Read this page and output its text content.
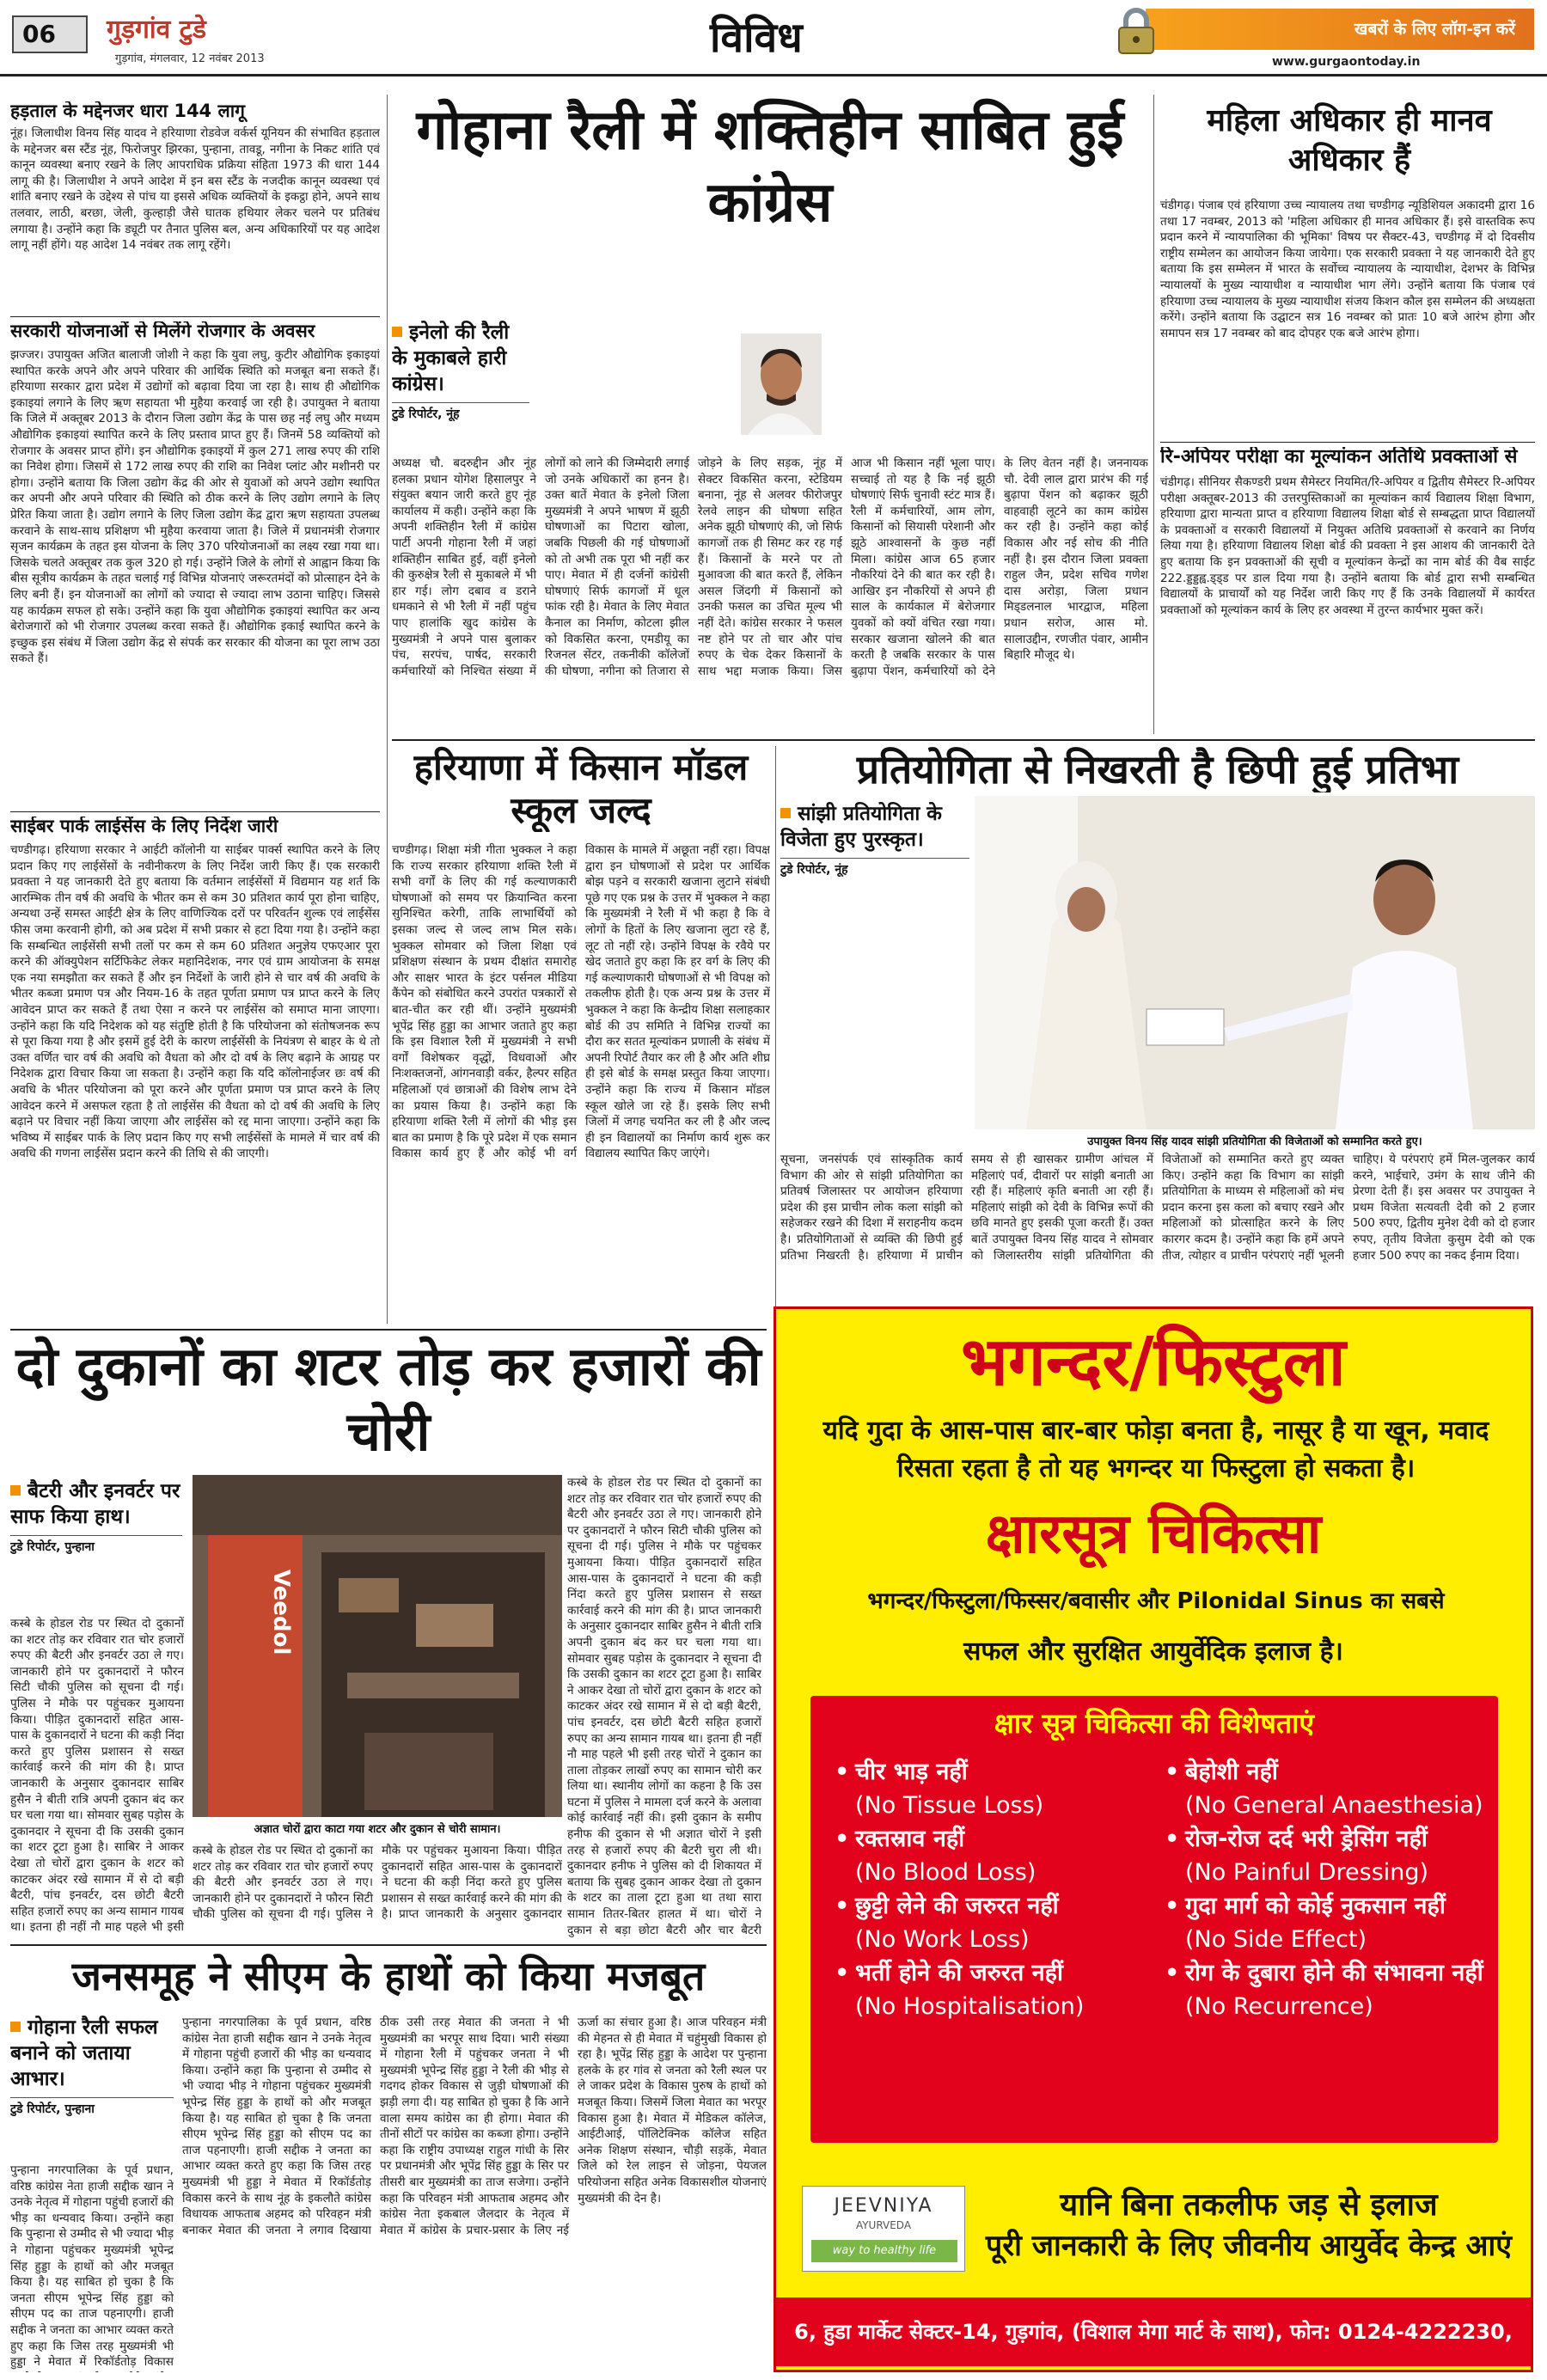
06	गुड़गांव टुडे
गुड़गांव, मंगलवार, 12 नवंबर 2013	विविध	खबरों के लिए लॉग-इन करें
www.gurgaontoday.in
हड़ताल के मद्देनजर धारा 144 लागू
नूंह। जिलाधीश विनय सिंह यादव ने हरियाणा रोडवेज वर्कर्स यूनियन की संभावित हड़ताल के मद्देनजर बस स्टैंड नूंह, फिरोजपुर झिरका, पुन्हाना, तावडू, नगीना के निकट शांति एवं कानून व्यवस्था बनाए रखने के लिए आपराधिक प्रक्रिया संहिता 1973 की धारा 144 लागू की है। जिलाधीश ने अपने आदेश में इन बस स्टैंड के नजदीक कानून व्यवस्था एवं शांति बनाए रखने के उद्देश्य से पांच या इससे अधिक व्यक्तियों के इकट्ठा होने, अपने साथ तलवार, लाठी, बरछा, जेली, कुल्हाड़ी जैसे घातक हथियार लेकर चलने पर प्रतिबंध लगाया है। उन्होंने कहा कि ड्यूटी पर तैनात पुलिस बल, अन्य अधिकारियों पर यह आदेश लागू नहीं होंगे। यह आदेश 14 नवंबर तक लागू रहेंगे।
सरकारी योजनाओं से मिलेंगे रोजगार के अवसर
झज्जर। उपायुक्त अजित बालाजी जोशी ने कहा कि युवा लघु, कुटीर औद्योगिक इकाइयां स्थापित करके अपने और अपने परिवार की आर्थिक स्थिति को मजबूत बना सकते हैं। हरियाणा सरकार द्वारा प्रदेश में उद्योगों को बढ़ावा दिया जा रहा है। साथ ही औद्योगिक इकाइयां लगाने के लिए ऋण सहायता भी मुहैया करवाई जा रही है। उपायुक्त ने बताया कि जिले में अक्तूबर 2013 के दौरान जिला उद्योग केंद्र के पास छह नई लघु और मध्यम औद्योगिक इकाइयां स्थापित करने के लिए प्रस्ताव प्राप्त हुए हैं। जिनमें 58 व्यक्तियों को रोजगार के अवसर प्राप्त होंगे। इन औद्योगिक इकाइयों में कुल 271 लाख रुपए की राशि का निवेश होगा। जिसमें से 172 लाख रुपए की राशि का निवेश प्लांट और मशीनरी पर होगा। उन्होंने बताया कि जिला उद्योग केंद्र की ओर से युवाओं को अपने उद्योग स्थापित कर अपनी और अपने परिवार की स्थिति को ठीक करने के लिए उद्योग लगाने के लिए प्रेरित किया जाता है। उद्योग लगाने के लिए जिला उद्योग केंद्र द्वारा ऋण सहायता उपलब्ध करवाने के साथ-साथ प्रशिक्षण भी मुहैया करवाया जाता है। जिले में प्रधानमंत्री रोजगार सृजन कार्यक्रम के तहत इस योजना के लिए 370 परियोजनाओं का लक्ष्य रखा गया था। जिसके चलते अक्तूबर तक कुल 320 हो गई। उन्होंने जिले के लोगों से आह्वान किया कि बीस सूत्रीय कार्यक्रम के तहत चलाई गई विभिन्न योजनाएं जरूरतमंदों को प्रोत्साहन देने के लिए बनी हैं। इन योजनाओं का लोगों को ज्यादा से ज्यादा लाभ उठाना चाहिए। जिससे यह कार्यक्रम सफल हो सके। उन्होंने कहा कि युवा औद्योगिक इकाइयां स्थापित कर अन्य बेरोजगारों को भी रोजगार उपलब्ध करवा सकते हैं। औद्योगिक इकाई स्थापित करने के इच्छुक इस संबंध में जिला उद्योग केंद्र से संपर्क कर सरकार की योजना का पूरा लाभ उठा सकते हैं।
साईबर पार्क लाईसेंस के लिए निर्देश जारी
चण्डीगढ़। हरियाणा सरकार ने आईटी कॉलोनी या साईबर पार्क्स स्थापित करने के लिए प्रदान किए गए लाईसेंसों के नवीनीकरण के लिए निर्देश जारी किए हैं। एक सरकारी प्रवक्ता ने यह जानकारी देते हुए बताया कि वर्तमान लाईसेंसों में विद्यमान यह शर्त कि आरम्भिक तीन वर्ष की अवधि के भीतर कम से कम 30 प्रतिशत कार्य पूरा होना चाहिए, अन्यथा उन्हें समस्त आईटी क्षेत्र के लिए वाणिज्यिक दरों पर परिवर्तन शुल्क एवं लाईसेंस फीस जमा करवानी होगी, को अब प्रदेश में सभी प्रकार से हटा दिया गया है। उन्होंने कहा कि सम्बन्धित लाईसेंसी सभी तलों पर कम से कम 60 प्रतिशत अनुज्ञेय एफएआर पूरा करने की ऑक्युपेशन सर्टिफिकेट लेकर महानिदेशक, नगर एवं ग्राम आयोजना के समक्ष एक नया समझौता कर सकते हैं और इन निर्देशों के जारी होने से चार वर्ष की अवधि के भीतर कब्जा प्रमाण पत्र और नियम-16 के तहत पूर्णता प्रमाण पत्र प्राप्त करने के लिए आवेदन प्राप्त कर सकते हैं तथा ऐसा न करने पर लाईसेंस को समाप्त माना जाएगा। उन्होंने कहा कि यदि निदेशक को यह संतुष्टि होती है कि परियोजना को संतोषजनक रूप से पूरा किया गया है और इसमें हुई देरी के कारण लाईसेंसी के नियंत्रण से बाहर के थे तो उक्त वर्णित चार वर्ष की अवधि को वैधता को और दो वर्ष के लिए बढ़ाने के आग्रह पर निदेशक द्वारा विचार किया जा सकता है। उन्होंने कहा कि यदि कॉलोनाईजर छः वर्ष की अवधि के भीतर परियोजना को पूरा करने और पूर्णता प्रमाण पत्र प्राप्त करने के लिए आवेदन करने में असफल रहता है तो लाईसेंस की वैधता को दो वर्ष की अवधि के लिए बढ़ाने पर विचार नहीं किया जाएगा और लाईसेंस को रद्द माना जाएगा। उन्होंने कहा कि भविष्य में साईबर पार्क के लिए प्रदान किए गए सभी लाईसेंसों के मामले में चार वर्ष की अवधि की गणना लाईसेंस प्रदान करने की तिथि से की जाएगी।
गोहाना रैली में शक्तिहीन साबित हुई कांग्रेस
इनेलो की रैली के मुकाबले हारी कांग्रेस।
टुडे रिपोर्टर, नूंह
अध्यक्ष चौ. बदरुद्दीन और नूंह हलका प्रधान योगेश हिसालपुर ने संयुक्त बयान जारी करते हुए नूंह कार्यालय में कही। उन्होंने कहा कि अपनी शक्तिहीन रैली में कांग्रेस पार्टी अपनी गोहाना रैली में जहां शक्तिहीन साबित हुई, वहीं इनेलो की कुरुक्षेत्र रैली से मुकाबले में भी हार गई। लोग दबाव व डराने धमकाने से भी रैली में नहीं पहुंच पाए हालांकि खुद कांग्रेस के मुख्यमंत्री ने अपने पास बुलाकर पंच, सरपंच, पार्षद, सरकारी कर्मचारियों को निश्चित संख्या में लोगों को लाने की जिम्मेदारी लगाई जो उनके अधिकारों का हनन है। उक्त बातें मेवात के इनेलो जिला मुख्यमंत्री ने अपने भाषण में झूठी घोषणाओं का पिटारा खोला, जबकि पिछली की गई घोषणाओं को तो अभी तक पूरा भी नहीं कर पाए। मेवात में ही दर्जनों कांग्रेसी घोषणाएं सिर्फ कागजों में धूल फांक रही है। मेवात के लिए मेवात कैनाल का निर्माण, कोटला झील को विकसित करना, एमडीयू का रिजनल सेंटर, तकनीकी कॉलेजों की घोषणा, नगीना को तिजारा से जोड़ने के लिए सड़क, नूंह में सेक्टर विकसित करना, स्टेडियम बनाना, नूंह से अलवर फीरोजपुर रेलवे लाइन की घोषणा सहित अनेक झूठी घोषणाएं की, जो सिर्फ कागजों तक ही सिमट कर रह गई हैं। किसानों के मरने पर तो मुआवजा की बात करते हैं, लेकिन असल जिंदगी में किसानों को उनकी फसल का उचित मूल्य भी नहीं देते। कांग्रेस सरकार ने फसल नष्ट होने पर तो चार और पांच रुपए के चेक देकर किसानों के साथ भद्दा मजाक किया। जिस आज भी किसान नहीं भूला पाए। सच्चाई तो यह है कि नई झूठी घोषणाएं सिर्फ चुनावी स्टंट मात्र हैं। रैली में कर्मचारियों, आम लोग, किसानों को सियासी परेशानी और झूठे आश्वासनों के कुछ नहीं मिला। कांग्रेस आज 65 हजार नौकरियां देने की बात कर रही है। आखिर इन नौकरियों से अपने ही साल के कार्यकाल में बेरोजगार युवकों को क्यों वंचित रखा गया। सरकार खजाना खोलने की बात करती है जबकि सरकार के पास बुढ़ापा पेंशन, कर्मचारियों को देने के लिए वेतन नहीं है। जननायक चौ. देवी लाल द्वारा प्रारंभ की गई बुढ़ापा पेंशन को बढ़ाकर झूठी वाहवाही लूटने का काम कांग्रेस कर रही है। उन्होंने कहा कोई विकास और नई सोच की नीति नहीं है। इस दौरान जिला प्रवक्ता राहुल जैन, प्रदेश सचिव गणेश दास अरोड़ा, जिला प्रधान मिड्‌डलनाल भारद्वाज, महिला प्रधान सरोज, आस मो. सालाउद्दीन, रणजीत पंवार, आमीन बिहारि मौजूद थे।
महिला अधिकार ही मानव अधिकार हैं
चंडीगढ़। पंजाब एवं हरियाणा उच्च न्यायालय तथा चण्डीगढ़ न्यूडिशियल अकादमी द्वारा 16 तथा 17 नवम्बर, 2013 को 'महिला अधिकार ही मानव अधिकार हैं। इसे वास्तविक रूप प्रदान करने में न्यायपालिका की भूमिका' विषय पर सैक्टर-43, चण्डीगढ़ में दो दिवसीय राष्ट्रीय सम्मेलन का आयोजन किया जायेगा। एक सरकारी प्रवक्ता ने यह जानकारी देते हुए बताया कि इस सम्मेलन में भारत के सर्वोच्च न्यायालय के न्यायाधीश, देशभर के विभिन्न न्यायालयों के मुख्य न्यायाधीश व न्यायाधीश भाग लेंगे। उन्होंने बताया कि पंजाब एवं हरियाणा उच्च न्यायालय के मुख्य न्यायाधीश संजय किशन कौल इस सम्मेलन की अध्यक्षता करेंगे। उन्होंने बताया कि उद्घाटन सत्र 16 नवम्बर को प्रातः 10 बजे आरंभ होगा और समापन सत्र 17 नवम्बर को बाद दोपहर एक बजे आरंभ होगा।
रि-अपियर परीक्षा का मूल्यांकन अतिथि प्रवक्ताओं से
चंडीगढ़। सीनियर सैकण्डरी प्रथम सैमेस्टर नियमित/रि-अपियर व द्वितीय सैमेस्टर रि-अपियर परीक्षा अक्तूबर-2013 की उत्तरपुस्तिकाओं का मूल्यांकन कार्य विद्यालय शिक्षा विभाग, हरियाणा द्वारा मान्यता प्राप्त व हरियाणा विद्यालय शिक्षा बोर्ड से सम्बद्धता प्राप्त विद्यालयों के प्रवक्ताओं व सरकारी विद्यालयों में नियुक्त अतिथि प्रवक्ताओं से करवाने का निर्णय लिया गया है। हरियाणा विद्यालय शिक्षा बोर्ड की प्रवक्ता ने इस आशय की जानकारी देते हुए बताया कि इन प्रवक्ताओं की सूची व मूल्यांकन केन्द्रों का नाम बोर्ड की वैब साईट 222.ड्डड्डह्व.ड्ड्ड पर डाल दिया गया है। उन्होंने बताया कि बोर्ड द्वारा सभी सम्बन्धित विद्यालयों के प्राचार्यों को यह निर्देश जारी किए गए हैं कि उनके विद्यालयों में कार्यरत प्रवक्ताओं को मूल्यांकन कार्य के लिए हर अवस्था में तुरन्त कार्यभार मुक्त करें।
हरियाणा में किसान मॉडल स्कूल जल्द
चण्डीगढ़। शिक्षा मंत्री गीता भुक्कल ने कहा कि राज्य सरकार हरियाणा शक्ति रैली में सभी वर्गों के लिए की गई कल्याणकारी घोषणाओं को समय पर क्रियान्वित करना सुनिश्चित करेगी, ताकि लाभार्थियों को इसका जल्द से जल्द लाभ मिल सके। भुक्कल सोमवार को जिला शिक्षा एवं प्रशिक्षण संस्थान के प्रथम दीक्षांत समारोह और साक्षर भारत के इंटर पर्सनल मीडिया कैंपेन को संबोधित करने उपरांत पत्रकारों से बात-चीत कर रही थीं। उन्होंने मुख्यमंत्री भूपेंद्र सिंह हुड्डा का आभार जताते हुए कहा कि इस विशाल रैली में मुख्यमंत्री ने सभी वर्गों विशेषकर वृद्धों, विधवाओं और निःशक्तजनों, आंगनवाड़ी वर्कर, हैल्पर सहित महिलाओं एवं छात्राओं की विशेष लाभ देने का प्रयास किया है। उन्होंने कहा कि हरियाणा शक्ति रैली में लोगों की भीड़ इस बात का प्रमाण है कि पूरे प्रदेश में एक समान विकास कार्य हुए हैं और कोई भी वर्ग विकास के मामले में अछूता नहीं रहा। विपक्ष द्वारा इन घोषणाओं से प्रदेश पर आर्थिक बोझ पड़ने व सरकारी खजाना लुटाने संबंधी पूछे गए एक प्रश्न के उत्तर में भुक्कल ने कहा कि मुख्यमंत्री ने रैली में भी कहा है कि वे लोगों के हितों के लिए खजाना लुटा रहे हैं, लूट तो नहीं रहे। उन्होंने विपक्ष के रवैये पर खेद जताते हुए कहा कि हर वर्ग के लिए की गई कल्याणकारी घोषणाओं से भी विपक्ष को तकलीफ होती है। एक अन्य प्रश्न के उत्तर में भुक्कल ने कहा कि केन्द्रीय शिक्षा सलाहकार बोर्ड की उप समिति ने विभिन्न राज्यों का दौरा कर सतत मूल्यांकन प्रणाली के संबंध में अपनी रिपोर्ट तैयार कर ली है और अति शीघ्र ही इसे बोर्ड के समक्ष प्रस्तुत किया जाएगा। उन्होंने कहा कि राज्य में किसान मॉडल स्कूल खोले जा रहे हैं। इसके लिए सभी जिलों में जगह चयनित कर ली है और जल्द ही इन विद्यालयों का निर्माण कार्य शुरू कर विद्यालय स्थापित किए जाएंगे।
प्रतियोगिता से निखरती है छिपी हुई प्रतिभा
सांझी प्रतियोगिता के विजेता हुए पुरस्कृत।
टुडे रिपोर्टर, नूंह
उपायुक्त विनय सिंह यादव सांझी प्रतियोगिता की विजेताओं को सम्मानित करते हुए।
सूचना, जनसंपर्क एवं सांस्कृतिक कार्य विभाग की ओर से सांझी प्रतियोगिता का प्रतिवर्ष जिलास्तर पर आयोजन हरियाणा प्रदेश की इस प्राचीन लोक कला सांझी को सहेजकर रखने की दिशा में सराहनीय कदम है। प्रतियोगिताओं से व्यक्ति की छिपी हुई प्रतिभा निखरती है। हरियाणा में प्राचीन समय से ही खासकर ग्रामीण आंचल में महिलाएं पर्व, दीवारों पर सांझी बनाती आ रही हैं। महिलाएं कृति बनाती आ रही हैं। महिलाएं सांझी को देवी के विभिन्न रूपों की छवि मानते हुए इसकी पूजा करती हैं। उक्त बातें उपायुक्त विनय सिंह यादव ने सोमवार को जिलास्तरीय सांझी प्रतियोगिता की विजेताओं को सम्मानित करते हुए व्यक्त किए। उन्होंने कहा कि विभाग का सांझी प्रतियोगिता के माध्यम से महिलाओं को मंच प्रदान करना इस कला को बचाए रखने और महिलाओं को प्रोत्साहित करने के लिए कारगर कदम है। उन्होंने कहा कि हमें अपने तीज, त्योहार व प्राचीन परंपराएं नहीं भूलनी चाहिए। ये परंपराएं हमें मिल-जुलकर कार्य करने, भाईचारे, उमंग के साथ जीने की प्रेरणा देती हैं। इस अवसर पर उपायुक्त ने प्रथम विजेता सत्यवती देवी को 2 हजार 500 रुपए, द्वितीय मुनेश देवी को दो हजार रुपए, तृतीय विजेता कुसुम देवी को एक हजार 500 रुपए का नकद ईनाम दिया।
दो दुकानों का शटर तोड़ कर हजारों की चोरी
बैटरी और इनवर्टर पर साफ किया हाथ।
टुडे रिपोर्टर, पुन्हाना
Veedol
अज्ञात चोरों द्वारा काटा गया शटर और दुकान से चोरी सामान।
कस्बे के होडल रोड पर स्थित दो दुकानों का शटर तोड़ कर रविवार रात चोर हजारों रुपए की बैटरी और इनवर्टर उठा ले गए। जानकारी होने पर दुकानदारों ने फौरन सिटी चौकी पुलिस को सूचना दी गई। पुलिस ने मौके पर पहुंचकर मुआयना किया। पीड़ित दुकानदारों सहित आस-पास के दुकानदारों ने घटना की कड़ी निंदा करते हुए पुलिस प्रशासन से सख्त कार्रवाई करने की मांग की है। प्राप्त जानकारी के अनुसार दुकानदार साबिर हुसैन ने बीती रात्रि अपनी दुकान बंद कर घर चला गया था। सोमवार सुबह पड़ोस के दुकानदार ने सूचना दी कि उसकी दुकान का शटर टूटा हुआ है। साबिर ने आकर देखा तो चोरों द्वारा दुकान के शटर को काटकर अंदर रखे सामान में से दो बड़ी बैटरी, पांच इनवर्टर, दस छोटी बैटरी सहित हजारों रुपए का अन्य सामान गायब था। इतना ही नहीं नौ माह पहले भी इसी
कस्बे के होडल रोड पर स्थित दो दुकानों का शटर तोड़ कर रविवार रात चोर हजारों रुपए की बैटरी और इनवर्टर उठा ले गए। जानकारी होने पर दुकानदारों ने फौरन सिटी चौकी पुलिस को सूचना दी गई। पुलिस ने मौके पर पहुंचकर मुआयना किया। पीड़ित दुकानदारों सहित आस-पास के दुकानदारों ने घटना की कड़ी निंदा करते हुए पुलिस प्रशासन से सख्त कार्रवाई करने की मांग की है। प्राप्त जानकारी के अनुसार दुकानदार साबिर हुसैन ने बीती रात्रि अपनी दुकान बंद कर घर चला गया था। सोमवार सुबह पड़ोस के दुकानदार ने सूचना दी कि उसकी दुकान का शटर टूटा हुआ है। साबिर ने आकर देखा तो चोरों द्वारा दुकान के शटर को काटकर अंदर रखे सामान में से दो बड़ी बैटरी, पांच इनवर्टर, दस छोटी बैटरी सहित हजारों रुपए का अन्य सामान गायब था। इतना ही नहीं नौ माह पहले भी इसी तरह चोरों ने दुकान का ताला तोड़कर लाखों रुपए का सामान चोरी कर लिया था। स्थानीय लोगों का कहना है कि उस घटना में पुलिस ने मामला दर्ज करने के अलावा कोई कार्रवाई नहीं की। इसी दुकान के समीप हनीफ की दुकान से भी अज्ञात चोरों ने इसी तरह से हजारों रुपए की बैटरी चुरा ली थी। दुकानदार हनीफ ने पुलिस को दी शिकायत में बताया कि सुबह दुकान आकर देखा तो दुकान के शटर का ताला टूटा हुआ था तथा सारा सामान तितर-बितर हालत में था। चोरों ने दुकान से बड़ा छोटा बैटरी और चार बैटरी
कस्बे के होडल रोड पर स्थित दो दुकानों का शटर तोड़ कर रविवार रात चोर हजारों रुपए की बैटरी और इनवर्टर उठा ले गए। जानकारी होने पर दुकानदारों ने फौरन सिटी चौकी पुलिस को सूचना दी गई। पुलिस ने मौके पर पहुंचकर मुआयना किया। पीड़ित दुकानदारों सहित आस-पास के दुकानदारों ने घटना की कड़ी निंदा करते हुए पुलिस प्रशासन से सख्त कार्रवाई करने की मांग की है। प्राप्त जानकारी के अनुसार दुकानदार
जनसमूह ने सीएम के हाथों को किया मजबूत
गोहाना रैली सफल बनाने को जताया आभार।
टुडे रिपोर्टर, पुन्हाना
पुन्हाना नगरपालिका के पूर्व प्रधान, वरिष्ठ कांग्रेस नेता हाजी सद्दीक खान ने उनके नेतृत्व में गोहाना पहुंची हजारों की भीड़ का धन्यवाद किया। उन्होंने कहा कि पुन्हाना से उम्मीद से भी ज्यादा भीड़ ने गोहाना पहुंचकर मुख्यमंत्री भूपेन्द्र सिंह हुड्डा के हाथों को और मजबूत किया है। यह साबित हो चुका है कि जनता सीएम भूपेन्द्र सिंह हुड्डा को सीएम पद का ताज पहनाएगी। हाजी सद्दीक ने जनता का आभार व्यक्त करते हुए कहा कि जिस तरह मुख्यमंत्री भी हुड्डा ने मेवात में रिकॉर्डतोड़ विकास
पुन्हाना नगरपालिका के पूर्व प्रधान, वरिष्ठ कांग्रेस नेता हाजी सद्दीक खान ने उनके नेतृत्व में गोहाना पहुंची हजारों की भीड़ का धन्यवाद किया। उन्होंने कहा कि पुन्हाना से उम्मीद से भी ज्यादा भीड़ ने गोहाना पहुंचकर मुख्यमंत्री भूपेन्द्र सिंह हुड्डा के हाथों को और मजबूत किया है। यह साबित हो चुका है कि जनता सीएम भूपेन्द्र सिंह हुड्डा को सीएम पद का ताज पहनाएगी। हाजी सद्दीक ने जनता का आभार व्यक्त करते हुए कहा कि जिस तरह मुख्यमंत्री भी हुड्डा ने मेवात में रिकॉर्डतोड़ विकास करने के साथ नूंह के इकलौते कांग्रेस विधायक आफताब अहमद को परिवहन मंत्री बनाकर मेवात की जनता ने लगाव दिखाया ठीक उसी तरह मेवात की जनता ने भी मुख्यमंत्री का भरपूर साथ दिया। भारी संख्या में गोहाना रैली में पहुंचकर जनता ने भी मुख्यमंत्री भूपेन्द्र सिंह हुड्डा ने रैली की भीड़ से गदगद होकर विकास से जुड़ी घोषणाओं की झड़ी लगा दी। यह साबित हो चुका है कि आने वाला समय कांग्रेस का ही होगा। मेवात की तीनों सीटों पर कांग्रेस का कब्जा होगा। उन्होंने कहा कि राष्ट्रीय उपाध्यक्ष राहुल गांधी के सिर पर प्रधानमंत्री और भूपेंद्र सिंह हुड्डा के सिर पर तीसरी बार मुख्यमंत्री का ताज सजेगा। उन्होंने कहा कि परिवहन मंत्री आफताब अहमद और कांग्रेस नेता इकबाल जैलदार के नेतृत्व में मेवात में कांग्रेस के प्रचार-प्रसार के लिए नई ऊर्जा का संचार हुआ है। आज परिवहन मंत्री की मेहनत से ही मेवात में चहुंमुखी विकास हो रहा है। भूपेंद्र सिंह हुड्डा के आदेश पर पुन्हाना हलके के हर गांव से जनता को रैली स्थल पर ले जाकर प्रदेश के विकास पुरुष के हाथों को मजबूत किया। जिसमें जिला मेवात का भरपूर विकास हुआ है। मेवात में मेडिकल कॉलेज, आईटीआई, पॉलिटेक्निक कॉलेज सहित अनेक शिक्षण संस्थान, चौड़ी सड़कें, मेवात जिले को रेल लाइन से जोड़ना, पेयजल परियोजना सहित अनेक विकासशील योजनाएं मुख्यमंत्री की देन है।
भगन्दर/फिस्टुला
यदि गुदा के आस-पास बार-बार फोड़ा बनता है, नासूर है या खून, मवाद रिसता रहता है तो यह भगन्दर या फिस्टुला हो सकता है।
क्षारसूत्र चिकित्सा
भगन्दर/फिस्टुला/फिस्सर/बवासीर और Pilonidal Sinus का सबसे
सफल और सुरक्षित आयुर्वेदिक इलाज है।
क्षार सूत्र चिकित्सा की विशेषताएं
• चीर भाड़ नहीं
(No Tissue Loss)
• रक्तस्राव नहीं
(No Blood Loss)
• छुट्टी लेने की जरुरत नहीं
(No Work Loss)
• भर्ती होने की जरुरत नहीं
(No Hospitalisation)
• बेहोशी नहीं
(No General Anaesthesia)
• रोज-रोज दर्द भरी ड्रेसिंग नहीं
(No Painful Dressing)
• गुदा मार्ग को कोई नुकसान नहीं
(No Side Effect)
• रोग के दुबारा होने की संभावना नहीं
(No Recurrence)
JEEVNIYA
AYURVEDA
way to healthy life
यानि बिना तकलीफ जड़ से इलाज
पूरी जानकारी के लिए जीवनीय आयुर्वेद केन्द्र आएं
6, हुडा मार्केट सेक्टर-14, गुड़गांव, (विशाल मेगा मार्ट के साथ), फोन: 0124-4222230,
